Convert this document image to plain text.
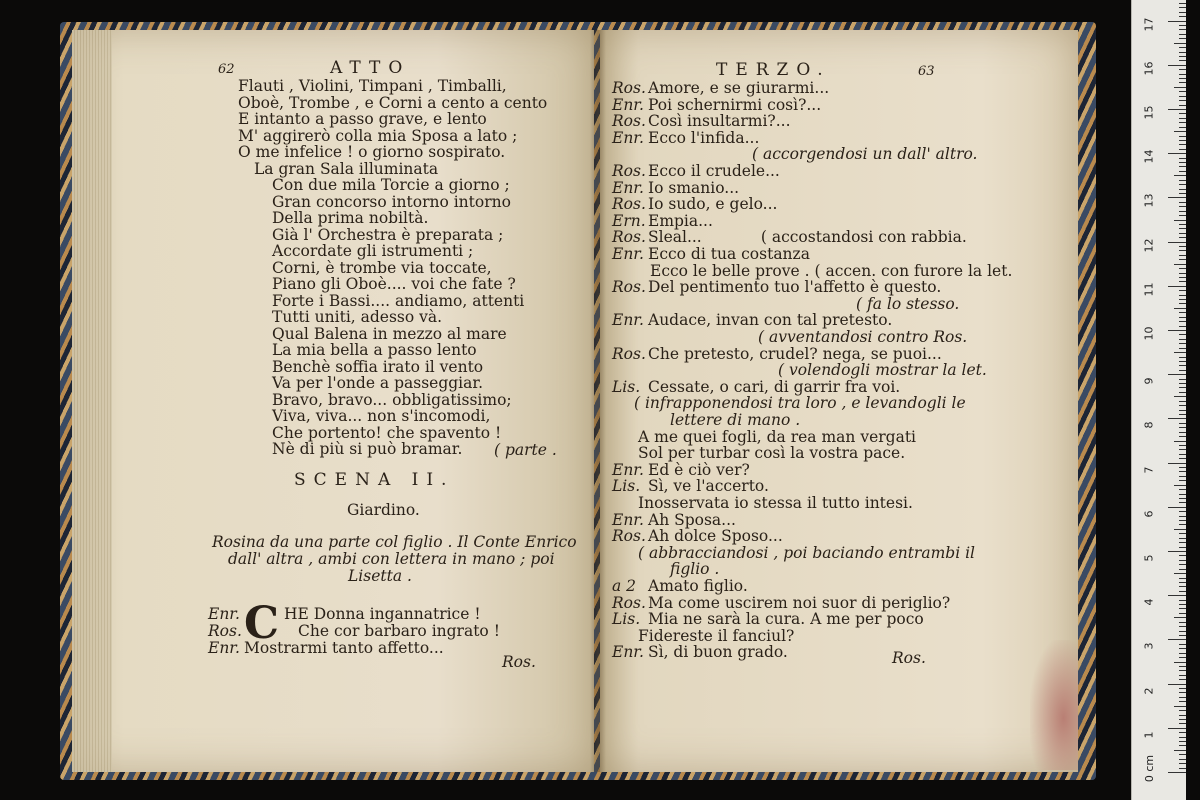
62	ATTO
( parte .
SCENA II.
Giardino.
C
Ros.
Flauti , Violini, Timpani , Timballi,
Oboè, Trombe , e Corni a cento a cento
E intanto a passo grave, e lento
M' aggirerò colla mia Sposa a lato ;
O me infelice ! o giorno sospirato.
La gran Sala illuminata
Con due mila Torcie a giorno ;
Gran concorso intorno intorno
Della prima nobiltà.
Già l' Orchestra è preparata ;
Accordate gli istrumenti ;
Corni, è trombe via toccate,
Piano gli Oboè.... voi che fate ?
Forte i Bassi.... andiamo, attenti
Tutti uniti, adesso và.
Qual Balena in mezzo al mare
La mia bella a passo lento
Benchè soffia irato il vento
Va per l'onde a passeggiar.
Bravo, bravo... obbligatissimo;
Viva, viva... non s'incomodi,
Che portento! che spavento !
Nè di più si può bramar.
Rosina da una parte col figlio . Il Conte Enrico
dall' altra , ambi con lettera in mano ; poi
Lisetta .
Enr.	HE Donna ingannatrice !
Ros.	Che cor barbaro ingrato !
Enr. Mostrarmi tanto affetto...
TERZO.	63
Ros.
Ros. Amore, e se giurarmi...
Enr. Poi schernirmi così?...
Ros. Così insultarmi?...
Enr. Ecco l'infida...
( accorgendosi un dall' altro.
Ros. Ecco il crudele...
Enr. Io smanio...
Ros. Io sudo, e gelo...
Ern. Empia...
Ros. Sleal...            ( accostandosi con rabbia.
Enr. Ecco di tua costanza
Ecco le belle prove . ( accen. con furore la let.
Ros. Del pentimento tuo l'affetto è questo.
( fa lo stesso.
Enr. Audace, invan con tal pretesto.
( avventandosi contro Ros.
Ros. Che pretesto, crudel? nega, se puoi...
( volendogli mostrar la let.
Lis. Cessate, o cari, di garrir fra voi.
( infrapponendosi tra loro , e levandogli le
lettere di mano .
A me quei fogli, da rea man vergati
Sol per turbar così la vostra pace.
Enr. Ed è ciò ver?
Lis. Sì, ve l'accerto.
Inosservata io stessa il tutto intesi.
Enr. Ah Sposa...
Ros. Ah dolce Sposo...
( abbracciandosi , poi baciando entrambi il
figlio .
a 2 Amato figlio.
Ros. Ma come uscirem noi suor di periglio?
Lis. Mia ne sarà la cura. A me per poco
Fidereste il fanciul?
Enr. Sì, di buon grado.
0 cm
1
2
3
4
5
6
7
8
9
10
11
12
13
14
15
16
17
